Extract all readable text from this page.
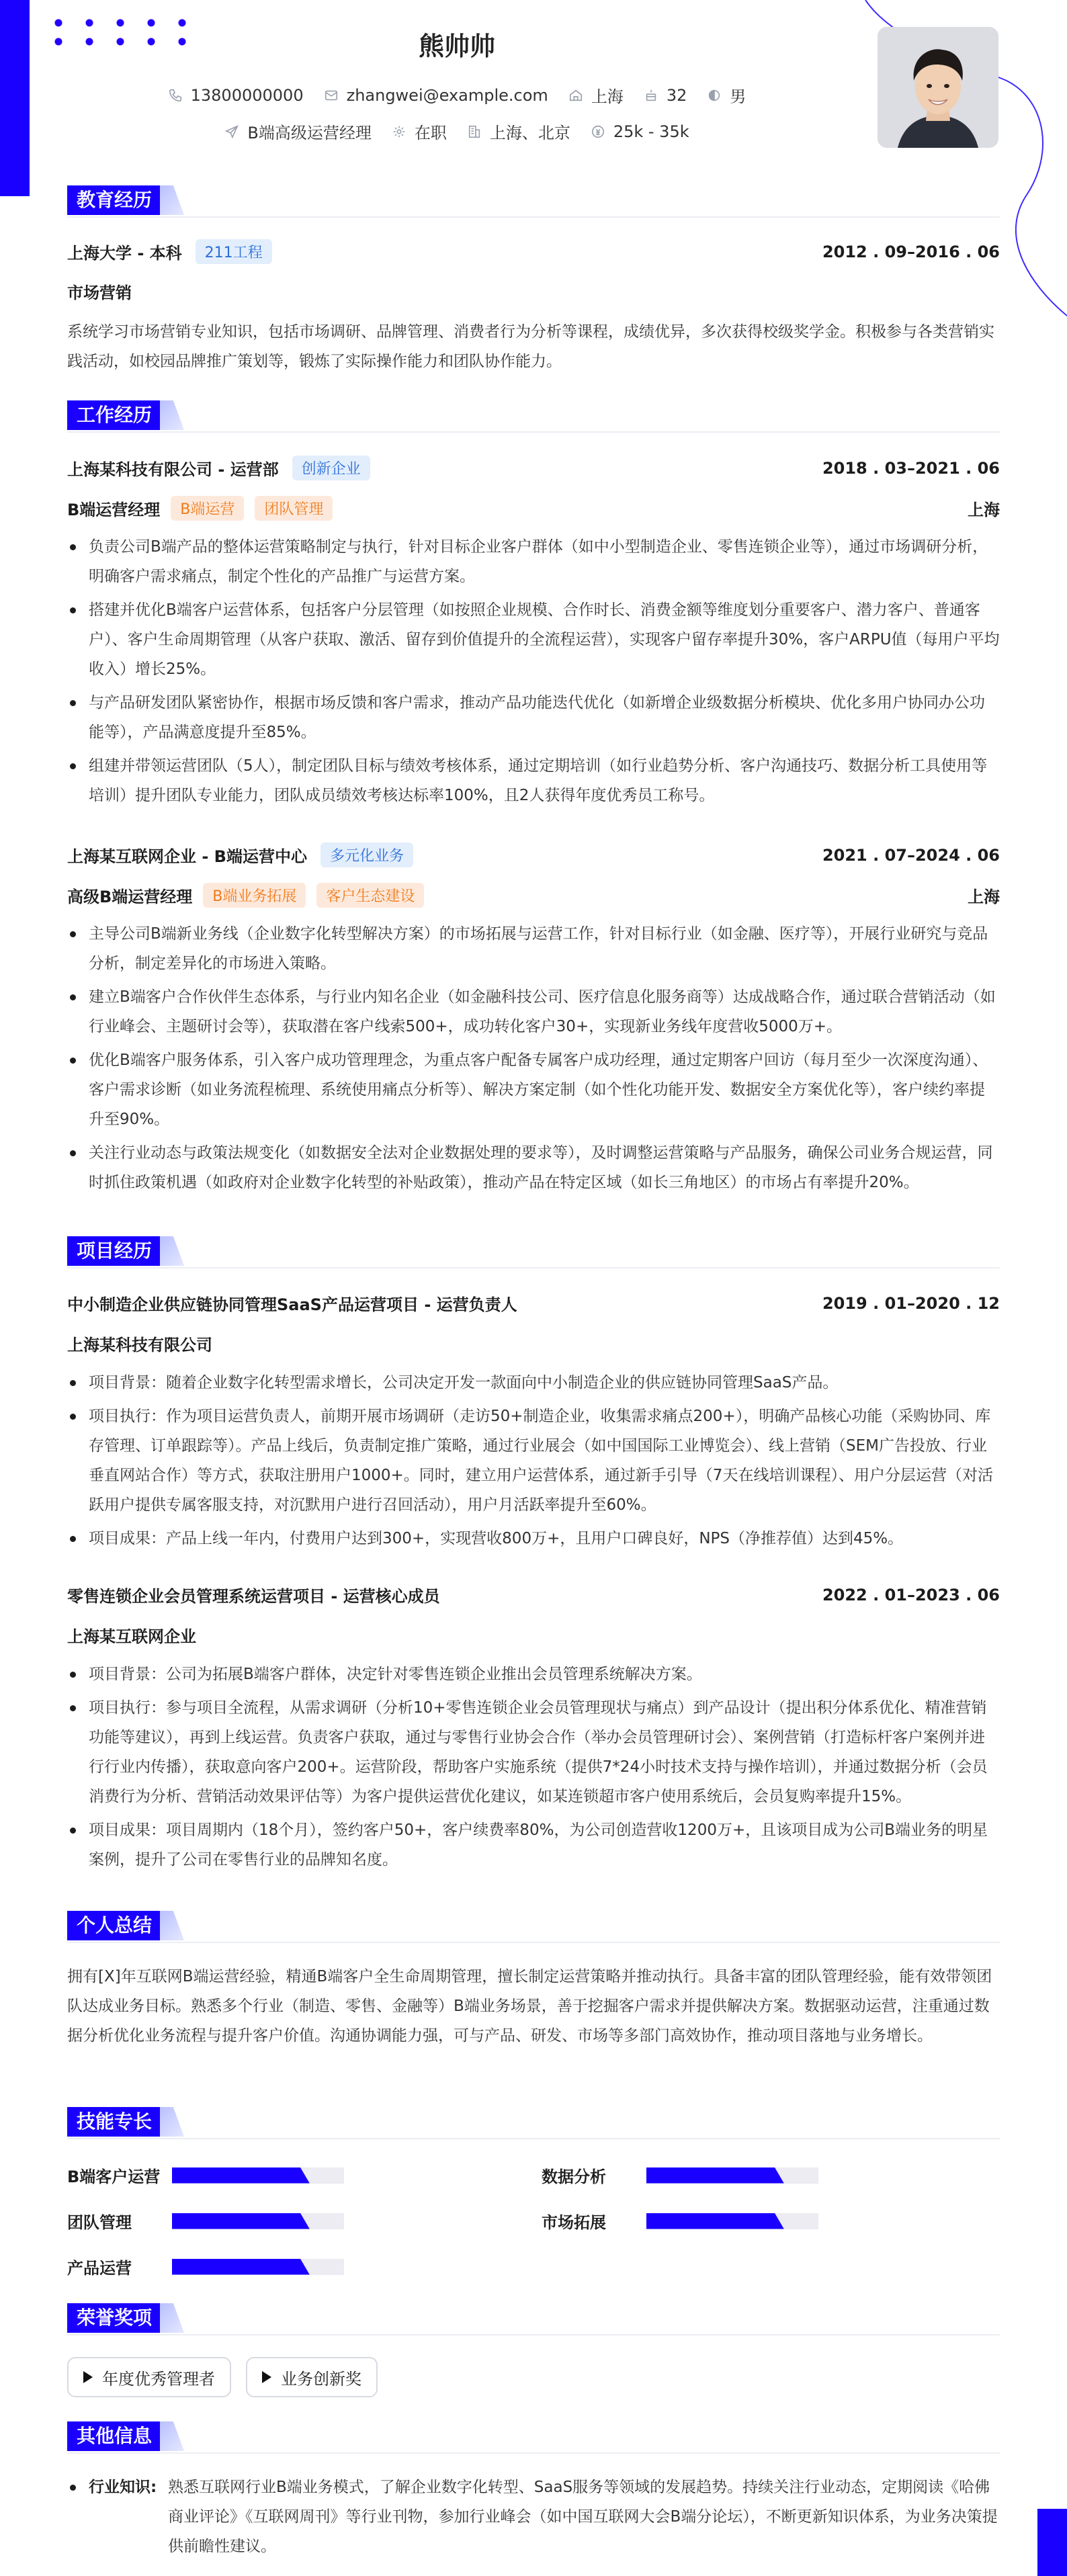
熊帅帅
13800000000	zhangwei@example.com	上海	32	男
B端高级运营经理	在职	上海、北京	25k - 35k
教育经历
上海大学 - 本科	211工程	2012 . 09–2016 . 06
市场营销
系统学习市场营销专业知识，包括市场调研、品牌管理、消费者行为分析等课程，成绩优异，多次获得校级奖学金。积极参与各类营销实践活动，如校园品牌推广策划等，锻炼了实际操作能力和团队协作能力。
工作经历
上海某科技有限公司 - 运营部	创新企业	2018 . 03–2021 . 06
B端运营经理	B端运营	团队管理	上海
负责公司B端产品的整体运营策略制定与执行，针对目标企业客户群体（如中小型制造企业、零售连锁企业等），通过市场调研分析，明确客户需求痛点，制定个性化的产品推广与运营方案。
搭建并优化B端客户运营体系，包括客户分层管理（如按照企业规模、合作时长、消费金额等维度划分重要客户、潜力客户、普通客户）、客户生命周期管理（从客户获取、激活、留存到价值提升的全流程运营），实现客户留存率提升30%，客户ARPU值（每用户平均收入）增长25%。
与产品研发团队紧密协作，根据市场反馈和客户需求，推动产品功能迭代优化（如新增企业级数据分析模块、优化多用户协同办公功能等），产品满意度提升至85%。
组建并带领运营团队（5人），制定团队目标与绩效考核体系，通过定期培训（如行业趋势分析、客户沟通技巧、数据分析工具使用等培训）提升团队专业能力，团队成员绩效考核达标率100%，且2人获得年度优秀员工称号。
上海某互联网企业 - B端运营中心	多元化业务	2021 . 07–2024 . 06
高级B端运营经理	B端业务拓展	客户生态建设	上海
主导公司B端新业务线（企业数字化转型解决方案）的市场拓展与运营工作，针对目标行业（如金融、医疗等），开展行业研究与竞品分析，制定差异化的市场进入策略。
建立B端客户合作伙伴生态体系，与行业内知名企业（如金融科技公司、医疗信息化服务商等）达成战略合作，通过联合营销活动（如行业峰会、主题研讨会等），获取潜在客户线索500+，成功转化客户30+，实现新业务线年度营收5000万+。
优化B端客户服务体系，引入客户成功管理理念，为重点客户配备专属客户成功经理，通过定期客户回访（每月至少一次深度沟通）、客户需求诊断（如业务流程梳理、系统使用痛点分析等）、解决方案定制（如个性化功能开发、数据安全方案优化等），客户续约率提升至90%。
关注行业动态与政策法规变化（如数据安全法对企业数据处理的要求等），及时调整运营策略与产品服务，确保公司业务合规运营，同时抓住政策机遇（如政府对企业数字化转型的补贴政策），推动产品在特定区域（如长三角地区）的市场占有率提升20%。
项目经历
中小制造企业供应链协同管理SaaS产品运营项目 - 运营负责人	2019 . 01–2020 . 12
上海某科技有限公司
项目背景：随着企业数字化转型需求增长，公司决定开发一款面向中小制造企业的供应链协同管理SaaS产品。
项目执行：作为项目运营负责人，前期开展市场调研（走访50+制造企业，收集需求痛点200+），明确产品核心功能（采购协同、库存管理、订单跟踪等）。产品上线后，负责制定推广策略，通过行业展会（如中国国际工业博览会）、线上营销（SEM广告投放、行业垂直网站合作）等方式，获取注册用户1000+。同时，建立用户运营体系，通过新手引导（7天在线培训课程）、用户分层运营（对活跃用户提供专属客服支持，对沉默用户进行召回活动），用户月活跃率提升至60%。
项目成果：产品上线一年内，付费用户达到300+，实现营收800万+，且用户口碑良好，NPS（净推荐值）达到45%。
零售连锁企业会员管理系统运营项目 - 运营核心成员	2022 . 01–2023 . 06
上海某互联网企业
项目背景：公司为拓展B端客户群体，决定针对零售连锁企业推出会员管理系统解决方案。
项目执行：参与项目全流程，从需求调研（分析10+零售连锁企业会员管理现状与痛点）到产品设计（提出积分体系优化、精准营销功能等建议），再到上线运营。负责客户获取，通过与零售行业协会合作（举办会员管理研讨会）、案例营销（打造标杆客户案例并进行行业内传播），获取意向客户200+。运营阶段，帮助客户实施系统（提供7*24小时技术支持与操作培训），并通过数据分析（会员消费行为分析、营销活动效果评估等）为客户提供运营优化建议，如某连锁超市客户使用系统后，会员复购率提升15%。
项目成果：项目周期内（18个月），签约客户50+，客户续费率80%，为公司创造营收1200万+，且该项目成为公司B端业务的明星案例，提升了公司在零售行业的品牌知名度。
个人总结
拥有[X]年互联网B端运营经验，精通B端客户全生命周期管理，擅长制定运营策略并推动执行。具备丰富的团队管理经验，能有效带领团队达成业务目标。熟悉多个行业（制造、零售、金融等）B端业务场景，善于挖掘客户需求并提供解决方案。数据驱动运营，注重通过数据分析优化业务流程与提升客户价值。沟通协调能力强，可与产品、研发、市场等多部门高效协作，推动项目落地与业务增长。
技能专长
B端客户运营	数据分析
团队管理	市场拓展
产品运营
荣誉奖项
年度优秀管理者	业务创新奖
其他信息
行业知识: 熟悉互联网行业B端业务模式，了解企业数字化转型、SaaS服务等领域的发展趋势。持续关注行业动态，定期阅读《哈佛商业评论》《互联网周刊》等行业刊物，参加行业峰会（如中国互联网大会B端分论坛），不断更新知识体系，为业务决策提供前瞻性建议。
